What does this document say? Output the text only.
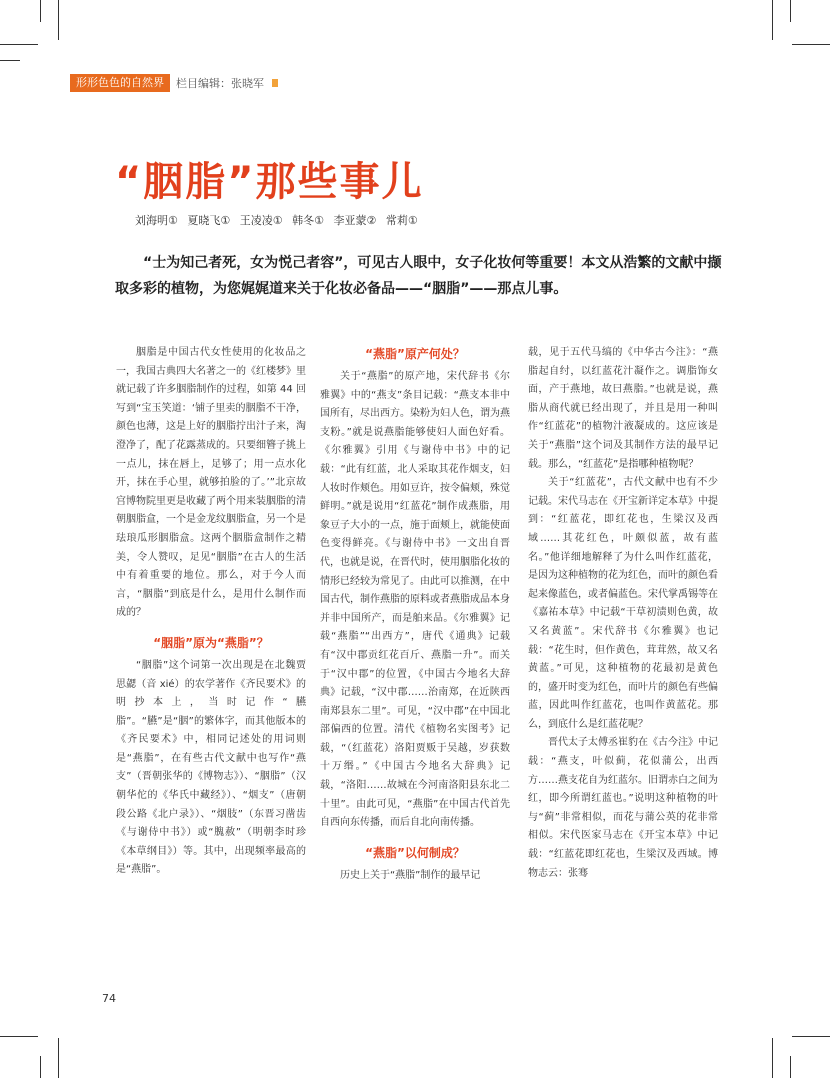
形形色色的自然界	栏目编辑：张晓军
“胭脂”那些事儿
刘海明① 夏晓飞① 王凌凌① 韩冬① 李亚蒙② 常莉①

“士为知己者死，女为悦己者容”，可见古人眼中，女子化妆何等重要！本文从浩繁的文献中撷取多彩的植物，为您娓娓道来关于化妆必备品——“胭脂”——那点儿事。

胭脂是中国古代女性使用的化妆品之一，我国古典四大名著之一的《红楼梦》里就记载了许多胭脂制作的过程，如第 44 回写到“宝玉笑道：‘铺子里卖的胭脂不干净，颜色也薄，这是上好的胭脂拧出汁子来，淘澄净了，配了花露蒸成的。只要细簪子挑上一点儿，抹在唇上，足够了；用一点水化开，抹在手心里，就够拍脸的了。’”北京故宫博物院里更是收藏了两个用来装胭脂的清朝胭脂盒，一个是金龙纹胭脂盒，另一个是珐琅瓜形胭脂盒。这两个胭脂盒制作之精美，令人赞叹，足见“胭脂”在古人的生活中有着重要的地位。那么，对于今人而言，“胭脂”到底是什么，是用什么制作而成的？

“胭脂”原为“燕脂”？

“胭脂”这个词第一次出现是在北魏贾思勰（音 xié）的农学著作《齐民要术》的明抄本上，当时记作“臙脂”。“臙”是“胭”的繁体字，而其他版本的《齐民要术》中，相同记述处的用词则是“燕脂”，在有些古代文献中也写作“燕支”（晋朝张华的《博物志》）、“胭脂”（汉朝华佗的《华氏中藏经》）、“烟支”（唐朝段公路《北户录》）、“烟肢”（东晋习凿齿《与谢侍中书》）或“𦞙赦”（明朝李时珍《本草纲目》）等。其中，出现频率最高的是“燕脂”。

“燕脂”原产何处？

关于“燕脂”的原产地，宋代辞书《尔雅翼》中的“燕支”条目记载：“燕支本非中国所有，尽出西方。染粉为妇人色，谓为燕支粉。”就是说燕脂能够使妇人面色好看。《尔雅翼》引用《与谢侍中书》中的记载：“此有红蓝，北人采取其花作烟支，妇人妆时作颊色。用如豆许，按令偏颊，殊觉鲜明。”就是说用“红蓝花”制作成燕脂，用象豆子大小的一点，施于面颊上，就能使面色变得鲜亮。《与谢侍中书》一文出自晋代，也就是说，在晋代时，使用胭脂化妆的情形已经较为常见了。由此可以推测，在中国古代，制作燕脂的原料或者燕脂成品本身并非中国所产，而是舶来品。《尔雅翼》记载“燕脂”“出西方”，唐代《通典》记载有“汉中郡贡红花百斤、燕脂一升”。而关于“汉中郡”的位置，《中国古今地名大辞典》记载，“汉中郡……治南郑，在近陕西南郑县东二里”。可见，“汉中郡”在中国北部偏西的位置。清代《植物名实图考》记载，“（红蓝花）洛阳贾贩于吴越，岁获数十万缗。”《中国古今地名大辞典》记载，“洛阳……故城在今河南洛阳县东北二十里”。由此可见，“燕脂”在中国古代首先自西向东传播，而后自北向南传播。

“燕脂”以何制成？

历史上关于“燕脂”制作的最早记

载，见于五代马缟的《中华古今注》：“燕脂起自纣，以红蓝花汁凝作之。调脂饰女面，产于燕地，故曰燕脂。”也就是说，燕脂从商代就已经出现了，并且是用一种叫作“红蓝花”的植物汁液凝成的。这应该是关于“燕脂”这个词及其制作方法的最早记载。那么，“红蓝花”是指哪种植物呢？

关于“红蓝花”，古代文献中也有不少记载。宋代马志在《开宝新详定本草》中提到：“红蓝花，即红花也，生梁汉及西域……其花红色，叶颇似蓝，故有蓝名。”他详细地解释了为什么叫作红蓝花，是因为这种植物的花为红色，而叶的颜色看起来像蓝色，或者偏蓝色。宋代掌禹锡等在《嘉祐本草》中记载“干草初渍则色黄，故又名黄蓝”。宋代辞书《尔雅翼》也记载：“花生时，但作黄色，茸茸然，故又名黄蓝。”可见，这种植物的花最初是黄色的，盛开时变为红色，而叶片的颜色有些偏蓝，因此叫作红蓝花，也叫作黄蓝花。那么，到底什么是红蓝花呢？

晋代太子太傅丞崔豹在《古今注》中记载：“燕支，叶似蓟，花似蒲公，出西方……燕支花自为红蓝尔。旧谓赤白之间为红，即今所谓红蓝也。”说明这种植物的叶与“蓟”非常相似，而花与蒲公英的花非常相似。宋代医家马志在《开宝本草》中记载：“红蓝花即红花也，生梁汉及西域。博物志云：张骞

74
